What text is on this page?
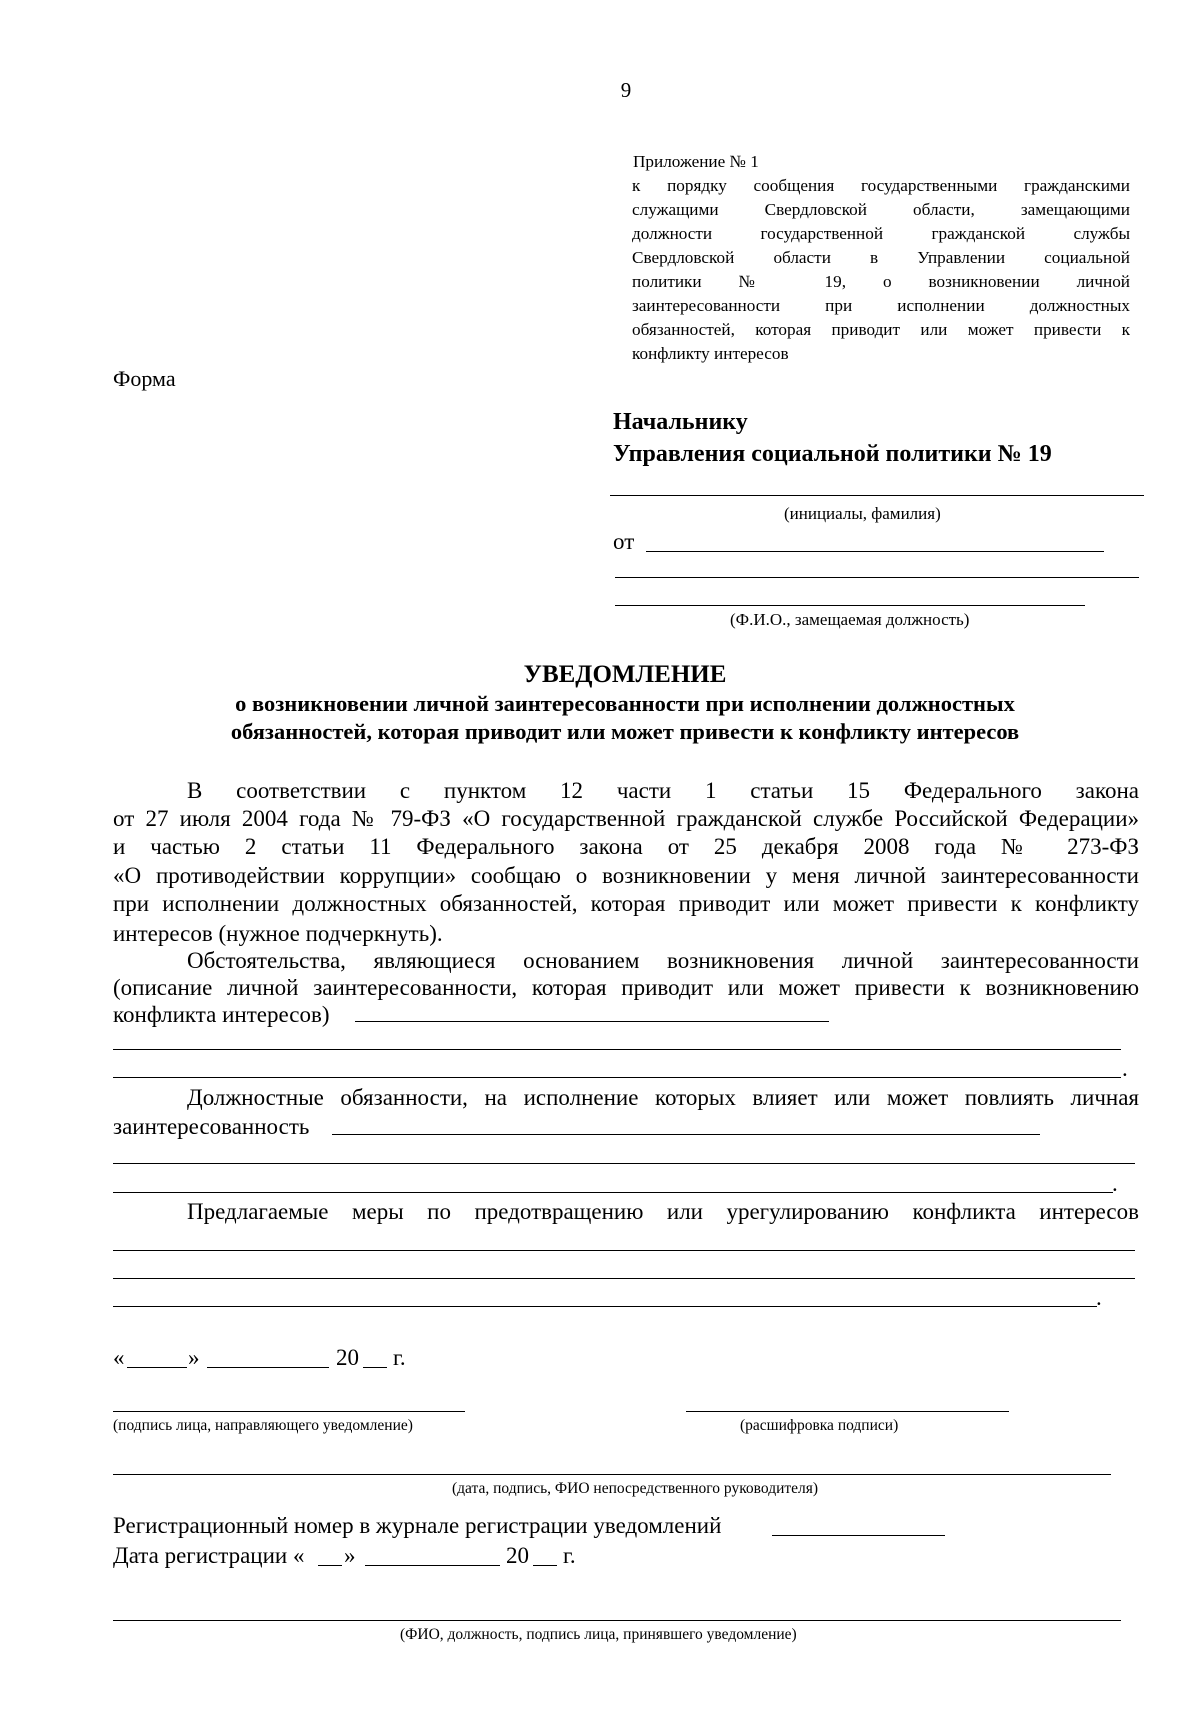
9
Приложение № 1
к порядку сообщения государственными гражданскими
служащими Свердловской области, замещающими
должности государственной гражданской службы
Свердловской области в Управлении социальной
политики № 19, о возникновении личной
заинтересованности при исполнении должностных
обязанностей, которая приводит или может привести к
конфликту интересов
Форма
Начальнику
Управления социальной политики № 19
(инициалы, фамилия)
от
(Ф.И.О., замещаемая должность)
УВЕДОМЛЕНИЕ
о возникновении личной заинтересованности при исполнении должностных
обязанностей, которая приводит или может привести к конфликту интересов
В соответствии с пунктом 12 части 1 статьи 15 Федерального закона
от 27 июля 2004 года № 79-ФЗ «О государственной гражданской службе Российской Федерации»
и частью 2 статьи 11 Федерального закона от 25 декабря 2008 года № 273-ФЗ
«О противодействии коррупции» сообщаю о возникновении у меня личной заинтересованности
при исполнении должностных обязанностей, которая приводит или может привести к конфликту
интересов (нужное подчеркнуть).
Обстоятельства, являющиеся основанием возникновения личной заинтересованности
(описание личной заинтересованности, которая приводит или может привести к возникновению
конфликта интересов)
.
Должностные обязанности, на исполнение которых влияет или может повлиять личная
заинтересованность
.
Предлагаемые меры по предотвращению или урегулированию конфликта интересов
.
«	»	20 г.
(подпись лица, направляющего уведомление)	(расшифровка подписи)
(дата, подпись, ФИО непосредственного руководителя)
Регистрационный номер в журнале регистрации уведомлений
Дата регистрации « »	20 г.
(ФИО, должность, подпись лица, принявшего уведомление)
